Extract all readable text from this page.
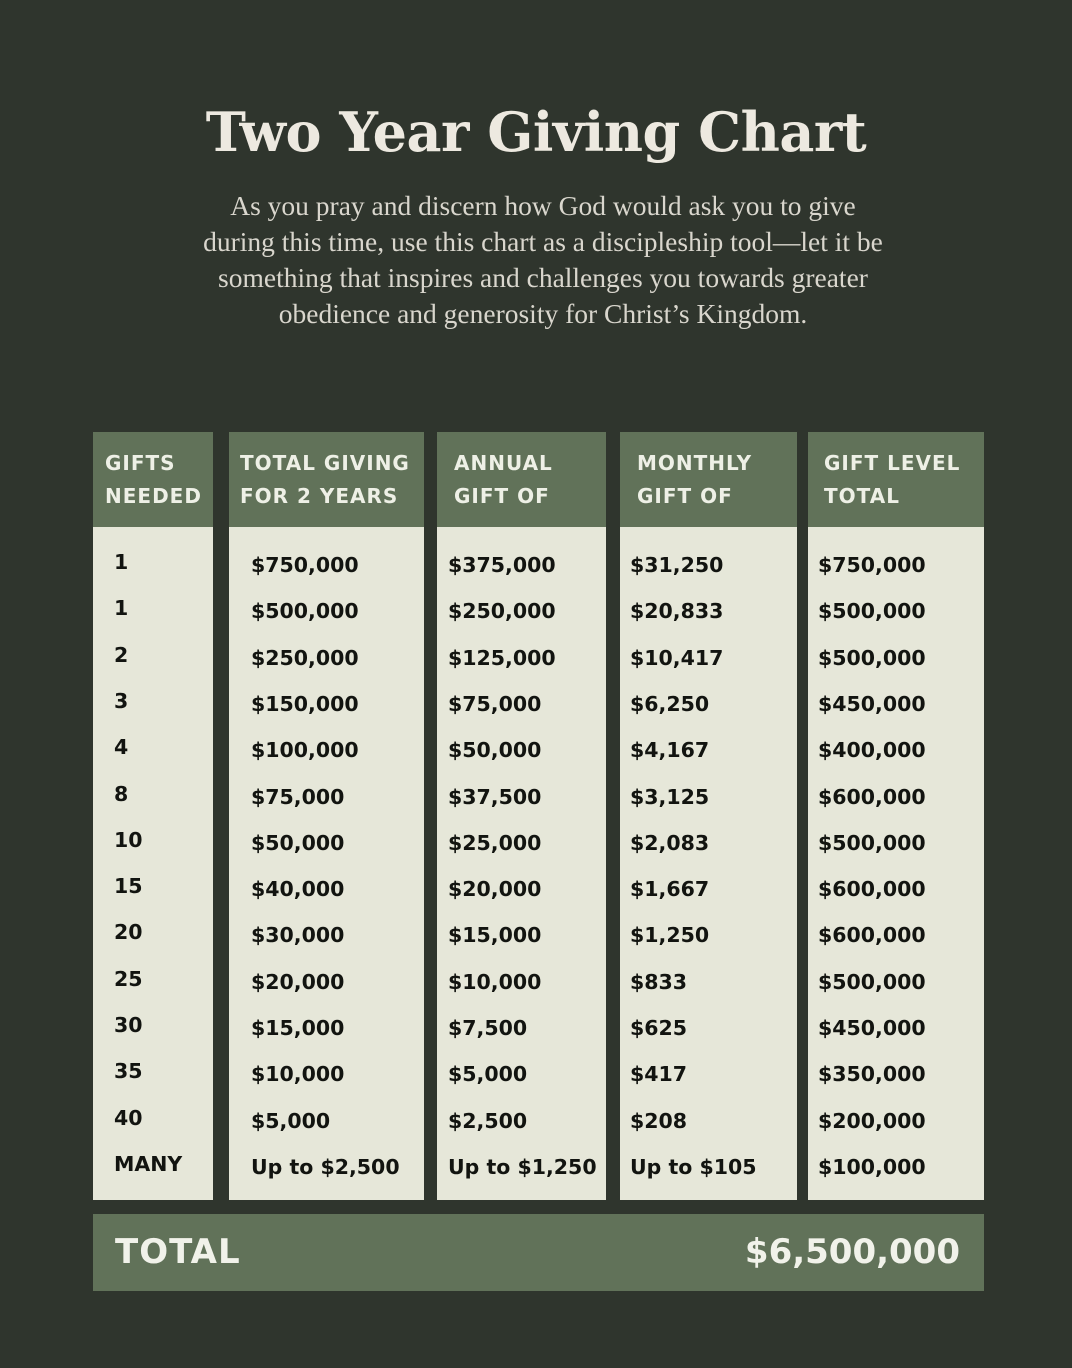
Two Year Giving Chart
As you pray and discern how God would ask you to give
during this time, use this chart as a discipleship tool—let it be
something that inspires and challenges you towards greater
obedience and generosity for Christ’s Kingdom.
GIFTS
NEEDED
1
1
2
3
4
8
10
15
20
25
30
35
40
MANY
TOTAL GIVING
FOR 2 YEARS
$750,000
$500,000
$250,000
$150,000
$100,000
$75,000
$50,000
$40,000
$30,000
$20,000
$15,000
$10,000
$5,000
Up to $2,500
ANNUAL
GIFT OF
$375,000
$250,000
$125,000
$75,000
$50,000
$37,500
$25,000
$20,000
$15,000
$10,000
$7,500
$5,000
$2,500
Up to $1,250
MONTHLY
GIFT OF
$31,250
$20,833
$10,417
$6,250
$4,167
$3,125
$2,083
$1,667
$1,250
$833
$625
$417
$208
Up to $105
GIFT LEVEL
TOTAL
$750,000
$500,000
$500,000
$450,000
$400,000
$600,000
$500,000
$600,000
$600,000
$500,000
$450,000
$350,000
$200,000
$100,000
TOTAL	$6,500,000
